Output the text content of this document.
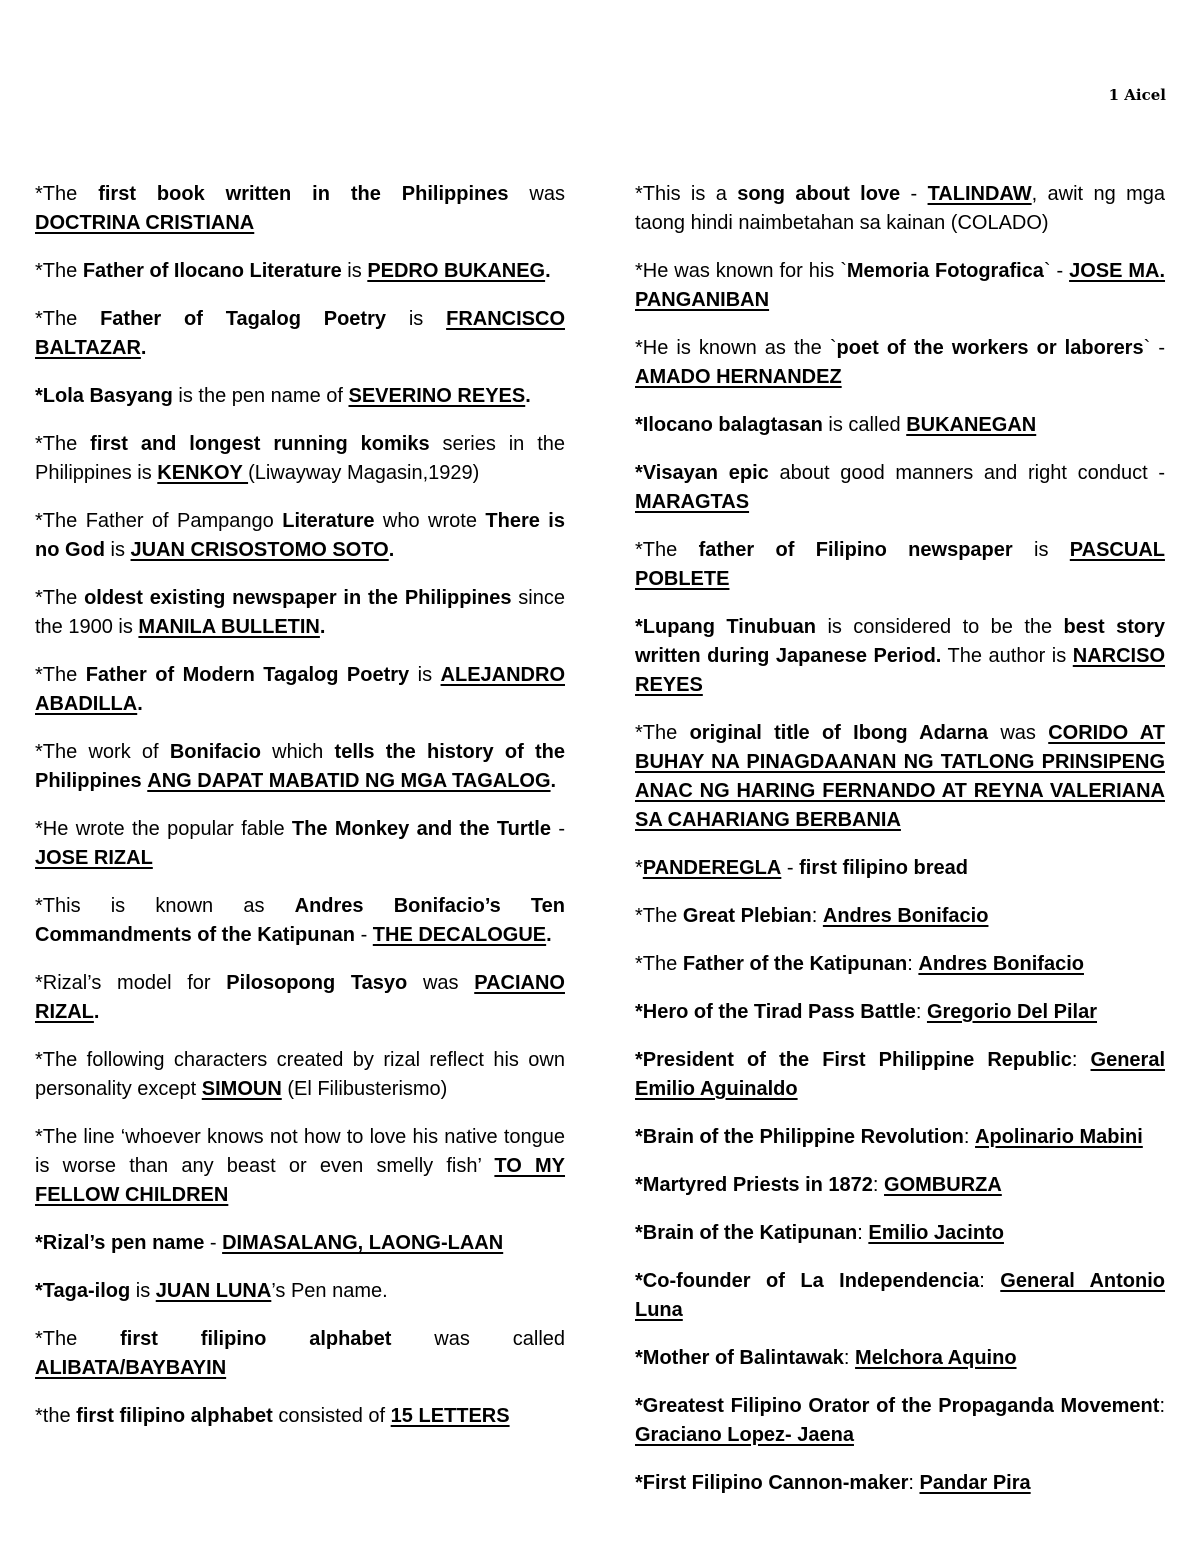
1 Aicel

*The first book written in the Philippines was DOCTRINA CRISTIANA

*The Father of Ilocano Literature is PEDRO BUKANEG.

*The Father of Tagalog Poetry is FRANCISCO BALTAZAR.

*Lola Basyang is the pen name of SEVERINO REYES.

*The first and longest running komiks series in the Philippines is KENKOY (Liwayway Magasin,1929)

*The Father of Pampango Literature who wrote There is no God is JUAN CRISOSTOMO SOTO.

*The oldest existing newspaper in the Philippines since the 1900 is MANILA BULLETIN.

*The Father of Modern Tagalog Poetry is ALEJANDRO ABADILLA.

*The work of Bonifacio which tells the history of the Philippines ANG DAPAT MABATID NG MGA TAGALOG.

*He wrote the popular fable The Monkey and the Turtle - JOSE RIZAL

*This is known as Andres Bonifacio’s Ten Commandments of the Katipunan - THE DECALOGUE.

*Rizal’s model for Pilosopong Tasyo was PACIANO RIZAL.

*The following characters created by rizal reflect his own personality except SIMOUN (El Filibusterismo)

*The line ‘whoever knows not how to love his native tongue is worse than any beast or even smelly fish’ TO MY FELLOW CHILDREN

*Rizal’s pen name - DIMASALANG, LAONG-LAAN

*Taga-ilog is JUAN LUNA’s Pen name.

*The first filipino alphabet was called ALIBATA/BAYBAYIN

*the first filipino alphabet consisted of 15 LETTERS

*This is a song about love - TALINDAW, awit ng mga taong hindi naimbetahan sa kainan (COLADO)

*He was known for his `Memoria Fotografica` - JOSE MA. PANGANIBAN

*He is known as the `poet of the workers or laborers` - AMADO HERNANDEZ

*Ilocano balagtasan is called BUKANEGAN

*Visayan epic about good manners and right conduct - MARAGTAS

*The father of Filipino newspaper is PASCUAL POBLETE

*Lupang Tinubuan is considered to be the best story written during Japanese Period. The author is NARCISO REYES

*The original title of Ibong Adarna was CORIDO AT BUHAY NA PINAGDAANAN NG TATLONG PRINSIPENG ANAC NG HARING FERNANDO AT REYNA VALERIANA SA CAHARIANG BERBANIA

*PANDEREGLA - first filipino bread

*The Great Plebian: Andres Bonifacio

*The Father of the Katipunan: Andres Bonifacio

*Hero of the Tirad Pass Battle: Gregorio Del Pilar

*President of the First Philippine Republic: General Emilio Aguinaldo

*Brain of the Philippine Revolution: Apolinario Mabini

*Martyred Priests in 1872: GOMBURZA

*Brain of the Katipunan: Emilio Jacinto

*Co-founder of La Independencia: General Antonio Luna

*Mother of Balintawak: Melchora Aquino

*Greatest Filipino Orator of the Propaganda Movement: Graciano Lopez- Jaena

*First Filipino Cannon-maker: Pandar Pira
